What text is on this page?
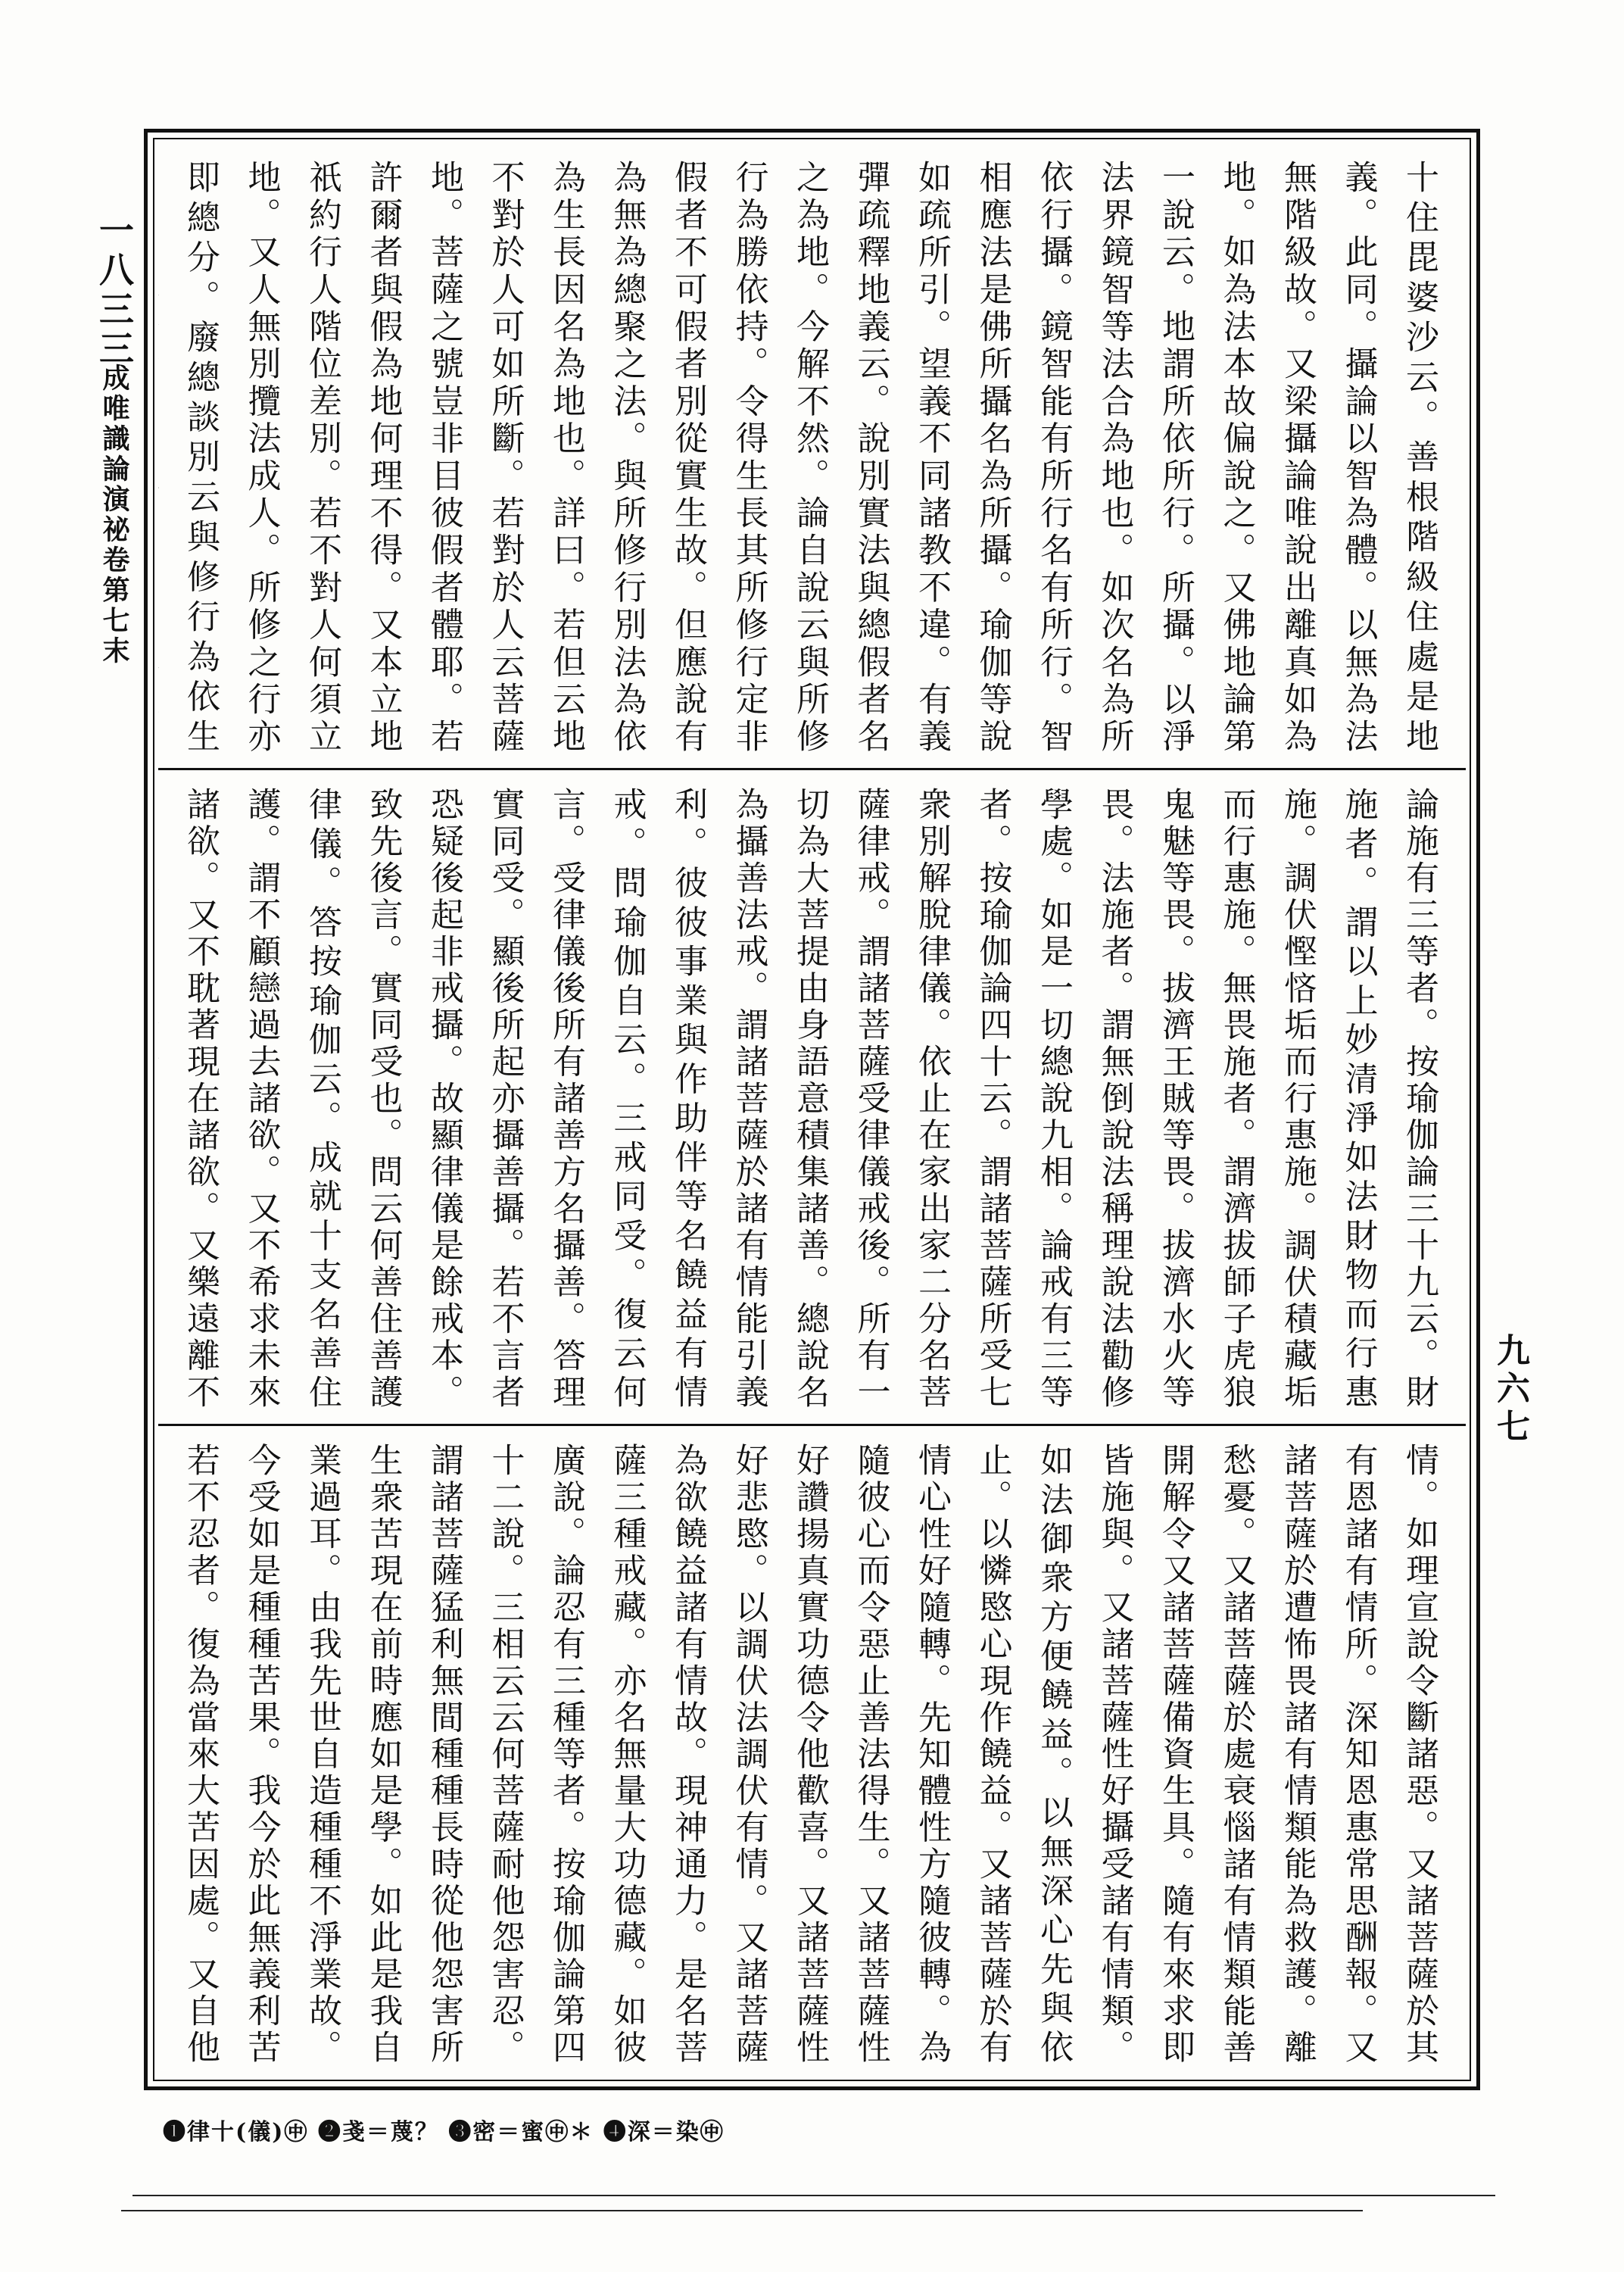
一八三三
成唯識論演祕卷第七末
十住毘婆沙云。善根階級住處是地義。此同。攝論以智為體。以無為法無階級故。又梁攝論唯說出離真如為地。如為法本故偏說之。又佛地論第一說云。地謂所依所行。所攝。以淨法界鏡智等法合為地也。如次名為所依行攝。鏡智能有所行名有所行。智相應法是佛所攝名為所攝。瑜伽等說如疏所引。望義不同諸教不違。有義彈疏釋地義云。說別實法與總假者名之為地。今解不然。論自說云與所修行為勝依持。令得生長其所修行定非假者不可假者別從實生故。但應說有為無為總聚之法。與所修行別法為依為生長因名為地也。詳曰。若但云地不對於人可如所斷。若對於人云菩薩地。菩薩之號豈非目彼假者體耶。若許爾者與假為地何理不得。又本立地祇約行人階位差別。若不對人何須立地。又人無別攬法成人。所修之行亦即總分。廢總談別云與修行為依生
論施有三等者。按瑜伽論三十九云。財施者。謂以上妙清淨如法財物而行惠施。調伏慳悋垢而行惠施。調伏積藏垢而行惠施。無畏施者。謂濟拔師子虎狼鬼魅等畏。拔濟王賊等畏。拔濟水火等畏。法施者。謂無倒說法稱理說法勸修學處。如是一切總說九相。論戒有三等者。按瑜伽論四十云。謂諸菩薩所受七衆別解脫律儀。依止在家出家二分名菩薩律戒。謂諸菩薩受律儀戒後。所有一切為大菩提由身語意積集諸善。總說名為攝善法戒。謂諸菩薩於諸有情能引義利。彼彼事業與作助伴等名饒益有情戒。問瑜伽自云。三戒同受。復云何言。受律儀後所有諸善方名攝善。答理實同受。顯後所起亦攝善攝。若不言者恐疑後起非戒攝。故顯律儀是餘戒本。致先後言。實同受也。問云何善住善護律儀。答按瑜伽云。成就十支名善住護。謂不顧戀過去諸欲。又不希求未來諸欲。又不耽著現在諸欲。又樂遠離不
情。如理宣說令斷諸惡。又諸菩薩於其有恩諸有情所。深知恩惠常思酬報。又諸菩薩於遭怖畏諸有情類能為救護。離愁憂。又諸菩薩於處衰惱諸有情類能善開解令又諸菩薩備資生具。隨有來求即皆施與。又諸菩薩性好攝受諸有情類。如法御衆方便饒益。以無深心先與依止。以憐愍心現作饒益。又諸菩薩於有情心性好隨轉。先知體性方隨彼轉。為隨彼心而令惡止善法得生。又諸菩薩性好讚揚真實功德令他歡喜。又諸菩薩性好悲愍。以調伏法調伏有情。又諸菩薩為欲饒益諸有情故。現神通力。是名菩薩三種戒藏。亦名無量大功德藏。如彼廣說。論忍有三種等者。按瑜伽論第四十二說。三相云云何菩薩耐他怨害忍。謂諸菩薩猛利無間種種長時從他怨害所生衆苦現在前時應如是學。如此是我自業過耳。由我先世自造種種不淨業故。今受如是種種苦果。我今於此無義利苦若不忍者。復為當來大苦因處。又自他
九六七
❶律十(儀)㊥ ❷戔＝蔑？ ❸密＝蜜㊥＊ ❹深＝染㊥
